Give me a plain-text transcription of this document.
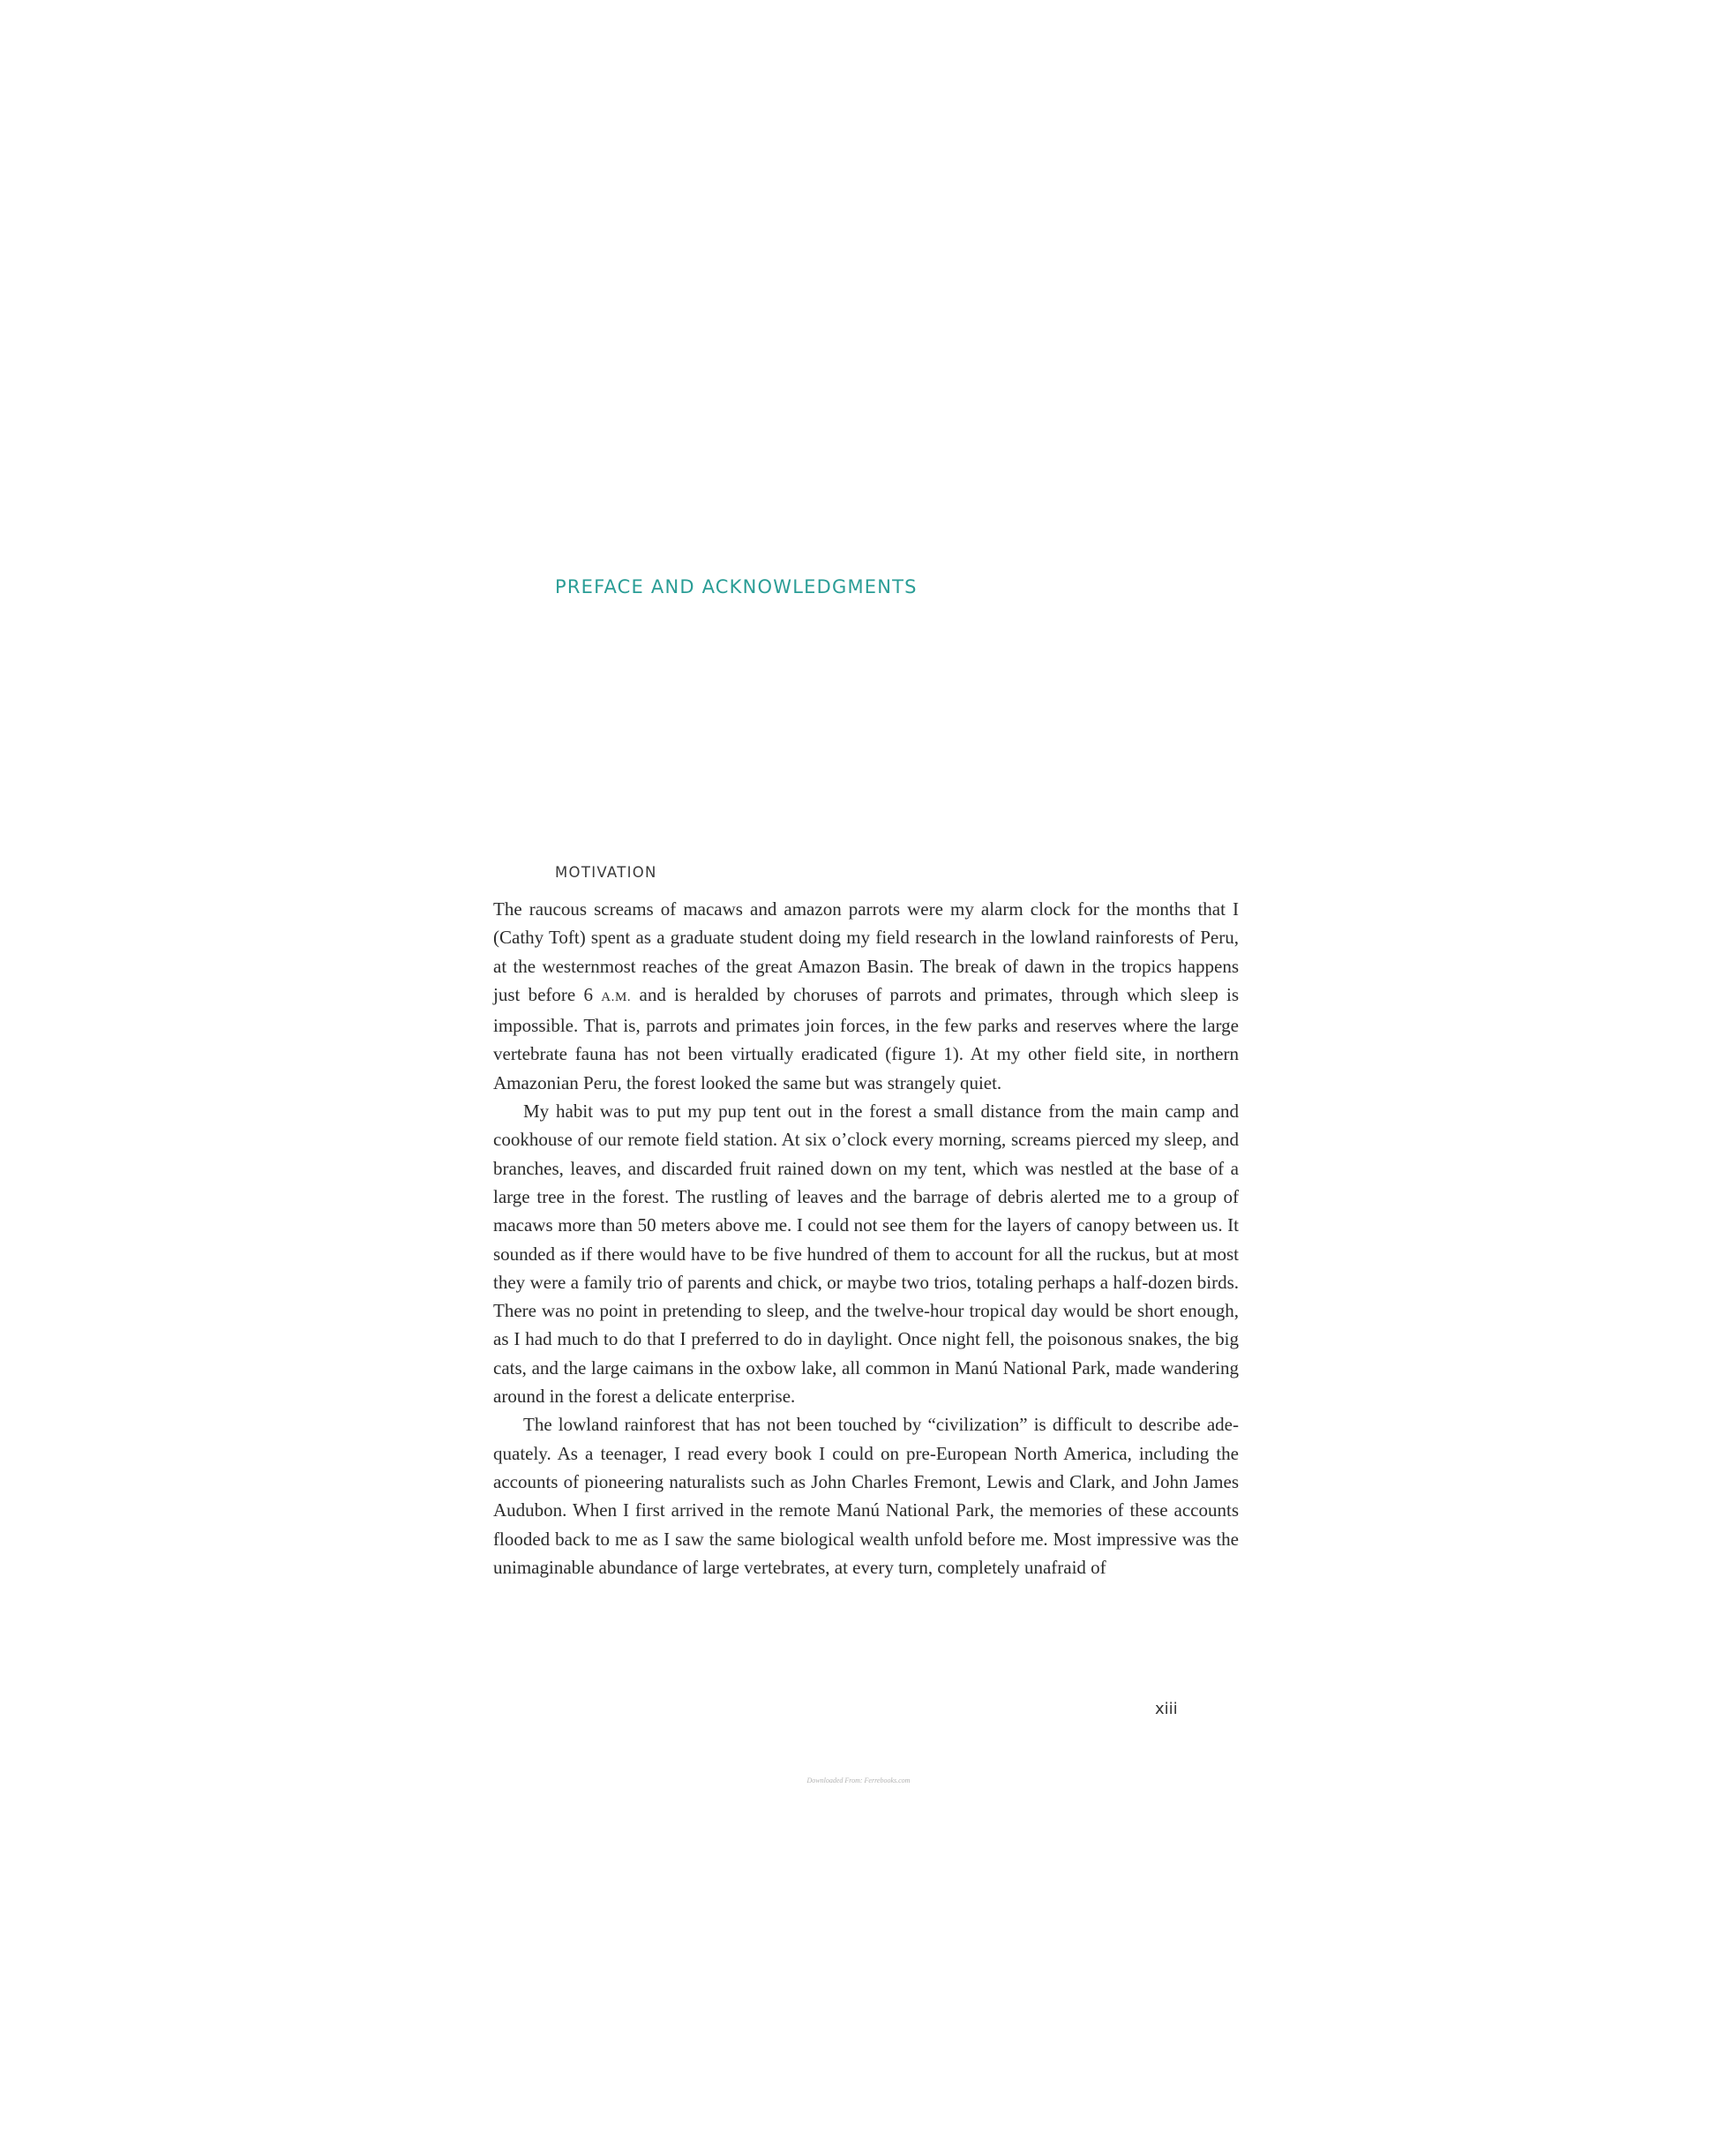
PREFACE AND ACKNOWLEDGMENTS
MOTIVATION

The raucous screams of macaws and amazon parrots were my alarm clock for the months that I (Cathy Toft) spent as a graduate student doing my field research in the lowland rainforests of Peru, at the westernmost reaches of the great Amazon Basin. The break of dawn in the tropics happens just before 6 A.M. and is heralded by choruses of parrots and primates, through which sleep is impossible. That is, parrots and primates join forces, in the few parks and reserves where the large vertebrate fauna has not been virtually eradicated (figure 1). At my other field site, in northern Amazonian Peru, the forest looked the same but was strangely quiet.

My habit was to put my pup tent out in the forest a small distance from the main camp and cookhouse of our remote field station. At six o’clock every morning, screams pierced my sleep, and branches, leaves, and discarded fruit rained down on my tent, which was nestled at the base of a large tree in the forest. The rustling of leaves and the barrage of debris alerted me to a group of macaws more than 50 meters above me. I could not see them for the layers of canopy between us. It sounded as if there would have to be five hundred of them to account for all the ruckus, but at most they were a family trio of parents and chick, or maybe two trios, totaling perhaps a half-dozen birds. There was no point in pretending to sleep, and the twelve-hour tropical day would be short enough, as I had much to do that I preferred to do in daylight. Once night fell, the poisonous snakes, the big cats, and the large caimans in the oxbow lake, all common in Manú National Park, made wandering around in the forest a delicate enterprise.

The lowland rainforest that has not been touched by “civilization” is difficult to describe adequately. As a teenager, I read every book I could on pre-European North America, including the accounts of pioneering naturalists such as John Charles Fremont, Lewis and Clark, and John James Audubon. When I first arrived in the remote Manú National Park, the memories of these accounts flooded back to me as I saw the same biological wealth unfold before me. Most impressive was the unimaginable abundance of large vertebrates, at every turn, completely unafraid of

xiii
Downloaded From: Ferrebooks.com
